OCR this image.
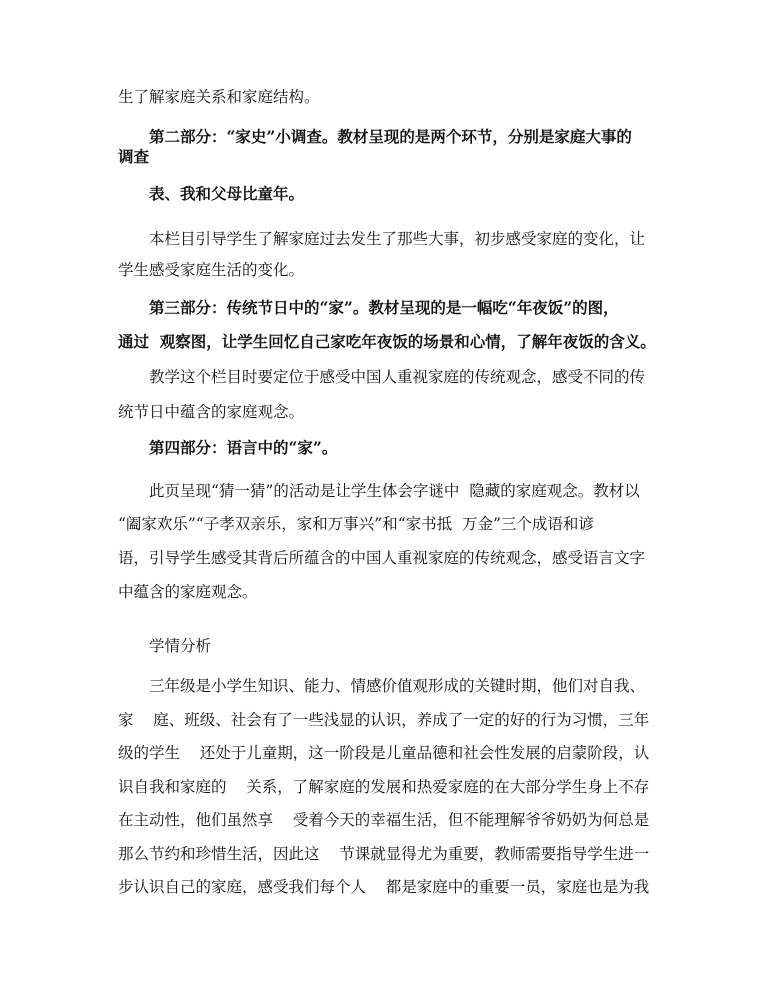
生了解家庭关系和家庭结构。

　　第二部分：“家史”小调查。教材呈现的是两个环节，分别是家庭大事的

调查

　　表、我和父母比童年。

　　本栏目引导学生了解家庭过去发生了那些大事，初步感受家庭的变化，让

学生感受家庭生活的变化。

　　第三部分：传统节日中的“家”。教材呈现的是一幅吃“年夜饭”的图，

通过  观察图，让学生回忆自己家吃年夜饭的场景和心情，了解年夜饭的含义。

　　教学这个栏目时要定位于感受中国人重视家庭的传统观念，感受不同的传

统节日中蕴含的家庭观念。

　　第四部分：语言中的“家”。

　　此页呈现“猜一猜”的活动是让学生体会字谜中  隐藏的家庭观念。教材以

“阖家欢乐”“子孝双亲乐，家和万事兴”和“家书抵  万金”三个成语和谚

语，引导学生感受其背后所蕴含的中国人重视家庭的传统观念，感受语言文字

中蕴含的家庭观念。

　　学情分析

　　三年级是小学生知识、能力、情感价值观形成的关键时期，他们对自我、

家    庭、班级、社会有了一些浅显的认识，养成了一定的好的行为习惯，三年

级的学生    还处于儿童期，这一阶段是儿童品德和社会性发展的启蒙阶段，认

识自我和家庭的    关系，了解家庭的发展和热爱家庭的在大部分学生身上不存

在主动性，他们虽然享    受着今天的幸福生活，但不能理解爷爷奶奶为何总是

那么节约和珍惜生活，因此这    节课就显得尤为重要，教师需要指导学生进一

步认识自己的家庭，感受我们每个人    都是家庭中的重要一员，家庭也是为我
